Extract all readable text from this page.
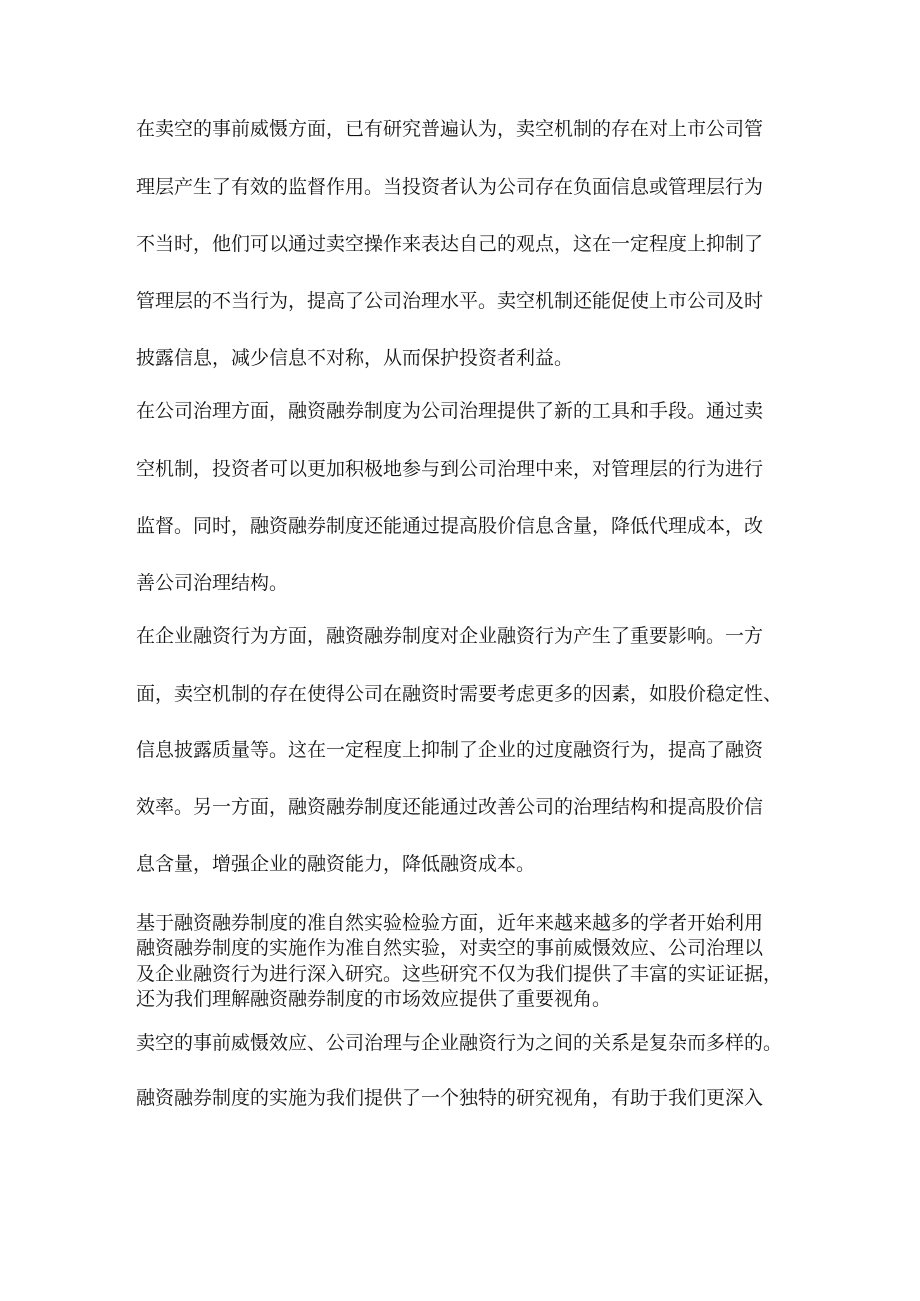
在卖空的事前威慑方面，已有研究普遍认为，卖空机制的存在对上市公司管
理层产生了有效的监督作用。当投资者认为公司存在负面信息或管理层行为
不当时，他们可以通过卖空操作来表达自己的观点，这在一定程度上抑制了
管理层的不当行为，提高了公司治理水平。卖空机制还能促使上市公司及时
披露信息，减少信息不对称，从而保护投资者利益。
在公司治理方面，融资融券制度为公司治理提供了新的工具和手段。通过卖
空机制，投资者可以更加积极地参与到公司治理中来，对管理层的行为进行
监督。同时，融资融券制度还能通过提高股价信息含量，降低代理成本，改
善公司治理结构。
在企业融资行为方面，融资融券制度对企业融资行为产生了重要影响。一方
面，卖空机制的存在使得公司在融资时需要考虑更多的因素，如股价稳定性、
信息披露质量等。这在一定程度上抑制了企业的过度融资行为，提高了融资
效率。另一方面，融资融券制度还能通过改善公司的治理结构和提高股价信
息含量，增强企业的融资能力，降低融资成本。
基于融资融券制度的准自然实验检验方面，近年来越来越多的学者开始利用
融资融券制度的实施作为准自然实验，对卖空的事前威慑效应、公司治理以
及企业融资行为进行深入研究。这些研究不仅为我们提供了丰富的实证证据，
还为我们理解融资融券制度的市场效应提供了重要视角。
卖空的事前威慑效应、公司治理与企业融资行为之间的关系是复杂而多样的。
融资融券制度的实施为我们提供了一个独特的研究视角，有助于我们更深入
